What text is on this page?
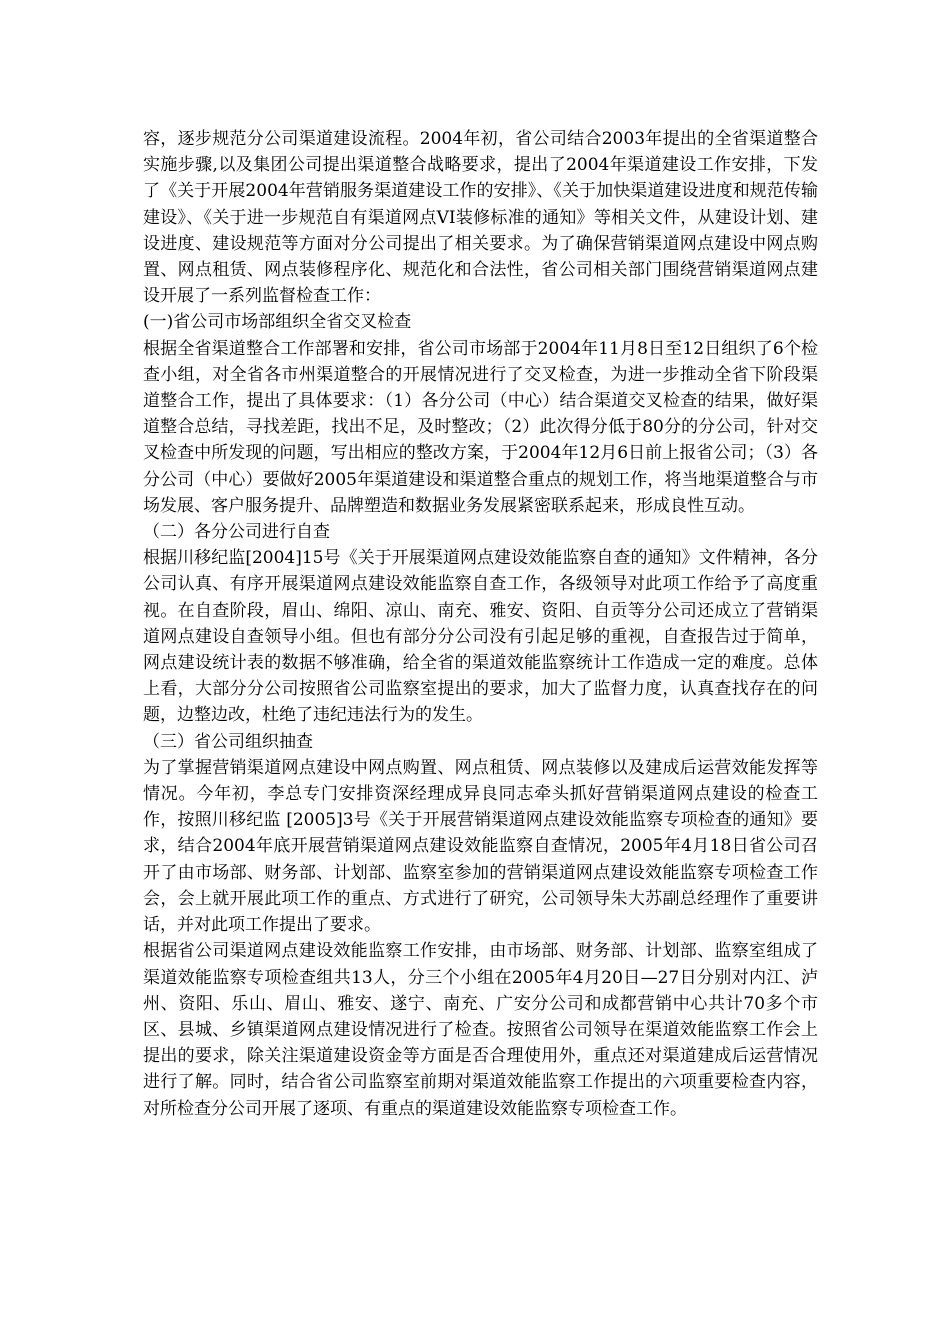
容，逐步规范分公司渠道建设流程。2004年初，省公司结合2003年提出的全省渠道整合实施步骤,以及集团公司提出渠道整合战略要求，提出了2004年渠道建设工作安排，下发了《关于开展2004年营销服务渠道建设工作的安排》、《关于加快渠道建设进度和规范传输建设》、《关于进一步规范自有渠道网点VI装修标准的通知》等相关文件，从建设计划、建设进度、建设规范等方面对分公司提出了相关要求。为了确保营销渠道网点建设中网点购置、网点租赁、网点装修程序化、规范化和合法性，省公司相关部门围绕营销渠道网点建设开展了一系列监督检查工作：

(一)省公司市场部组织全省交叉检查

根据全省渠道整合工作部署和安排，省公司市场部于2004年11月8日至12日组织了6个检查小组，对全省各市州渠道整合的开展情况进行了交叉检查，为进一步推动全省下阶段渠道整合工作，提出了具体要求：（1）各分公司（中心）结合渠道交叉检查的结果，做好渠道整合总结，寻找差距，找出不足，及时整改；（2）此次得分低于80分的分公司，针对交叉检查中所发现的问题，写出相应的整改方案，于2004年12月6日前上报省公司；（3）各分公司（中心）要做好2005年渠道建设和渠道整合重点的规划工作，将当地渠道整合与市场发展、客户服务提升、品牌塑造和数据业务发展紧密联系起来，形成良性互动。

（二）各分公司进行自查

根据川移纪监[2004]15号《关于开展渠道网点建设效能监察自查的通知》文件精神，各分公司认真、有序开展渠道网点建设效能监察自查工作，各级领导对此项工作给予了高度重视。在自查阶段，眉山、绵阳、凉山、南充、雅安、资阳、自贡等分公司还成立了营销渠道网点建设自查领导小组。但也有部分分公司没有引起足够的重视，自查报告过于简单，网点建设统计表的数据不够准确，给全省的渠道效能监察统计工作造成一定的难度。总体上看，大部分分公司按照省公司监察室提出的要求，加大了监督力度，认真查找存在的问题，边整边改，杜绝了违纪违法行为的发生。

（三）省公司组织抽查

为了掌握营销渠道网点建设中网点购置、网点租赁、网点装修以及建成后运营效能发挥等情况。今年初，李总专门安排资深经理成异良同志牵头抓好营销渠道网点建设的检查工作，按照川移纪监 [2005]3号《关于开展营销渠道网点建设效能监察专项检查的通知》要求，结合2004年底开展营销渠道网点建设效能监察自查情况，2005年4月18日省公司召开了由市场部、财务部、计划部、监察室参加的营销渠道网点建设效能监察专项检查工作会，会上就开展此项工作的重点、方式进行了研究，公司领导朱大苏副总经理作了重要讲话，并对此项工作提出了要求。

根据省公司渠道网点建设效能监察工作安排，由市场部、财务部、计划部、监察室组成了渠道效能监察专项检查组共13人，分三个小组在2005年4月20日—27日分别对内江、泸州、资阳、乐山、眉山、雅安、遂宁、南充、广安分公司和成都营销中心共计70多个市区、县城、乡镇渠道网点建设情况进行了检查。按照省公司领导在渠道效能监察工作会上提出的要求，除关注渠道建设资金等方面是否合理使用外，重点还对渠道建成后运营情况进行了解。同时，结合省公司监察室前期对渠道效能监察工作提出的六项重要检查内容，对所检查分公司开展了逐项、有重点的渠道建设效能监察专项检查工作。
